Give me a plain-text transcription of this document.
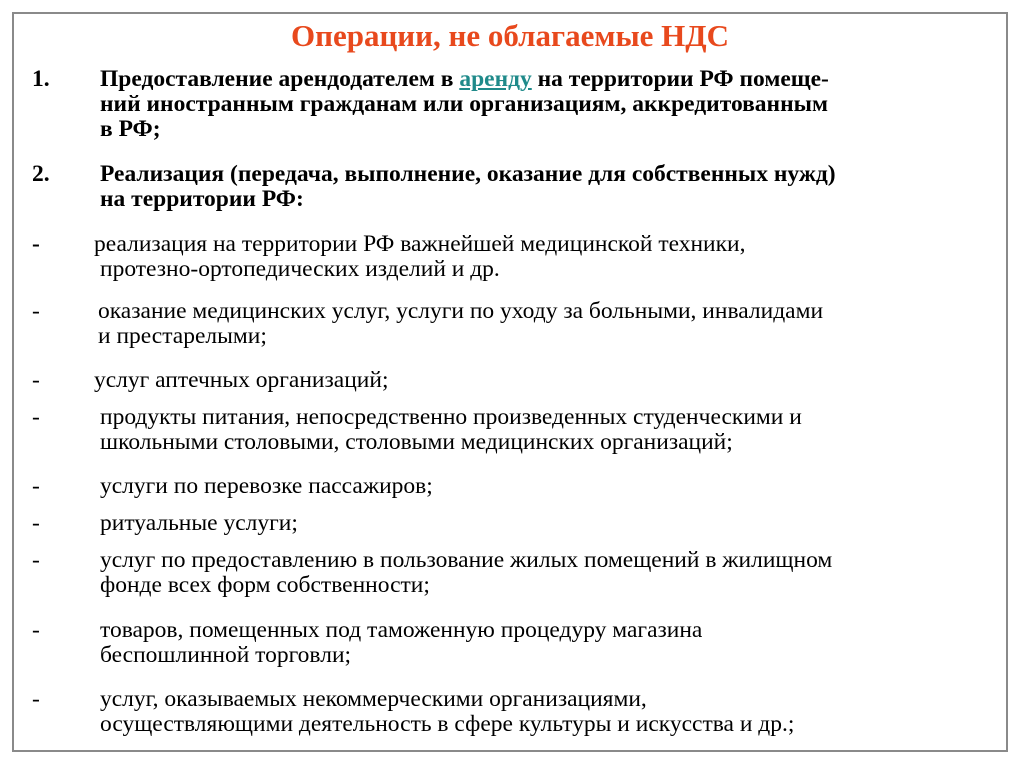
Операции, не облагаемые НДС
1. Предоставление арендодателем в аренду на территории РФ помеще-
ний иностранным гражданам или организациям, аккредитованным
в РФ;
2. Реализация (передача, выполнение, оказание для собственных нужд)
на территории РФ:
- реализация на территории РФ важнейшей медицинской техники,
протезно-ортопедических изделий и др.
- оказание медицинских услуг, услуги по уходу за больными, инвалидами
и престарелыми;
- услуг аптечных организаций;
-	продукты питания, непосредственно произведенных студенческими и
школьными столовыми, столовыми медицинских организаций;
-	услуги по перевозке пассажиров;
-	ритуальные услуги;
-	услуг по предоставлению в пользование жилых помещений в жилищном
фонде всех форм собственности;
-	товаров, помещенных под таможенную процедуру магазина
беспошлинной торговли;
-	услуг, оказываемых некоммерческими организациями,
осуществляющими деятельность в сфере культуры и искусства и др.;
